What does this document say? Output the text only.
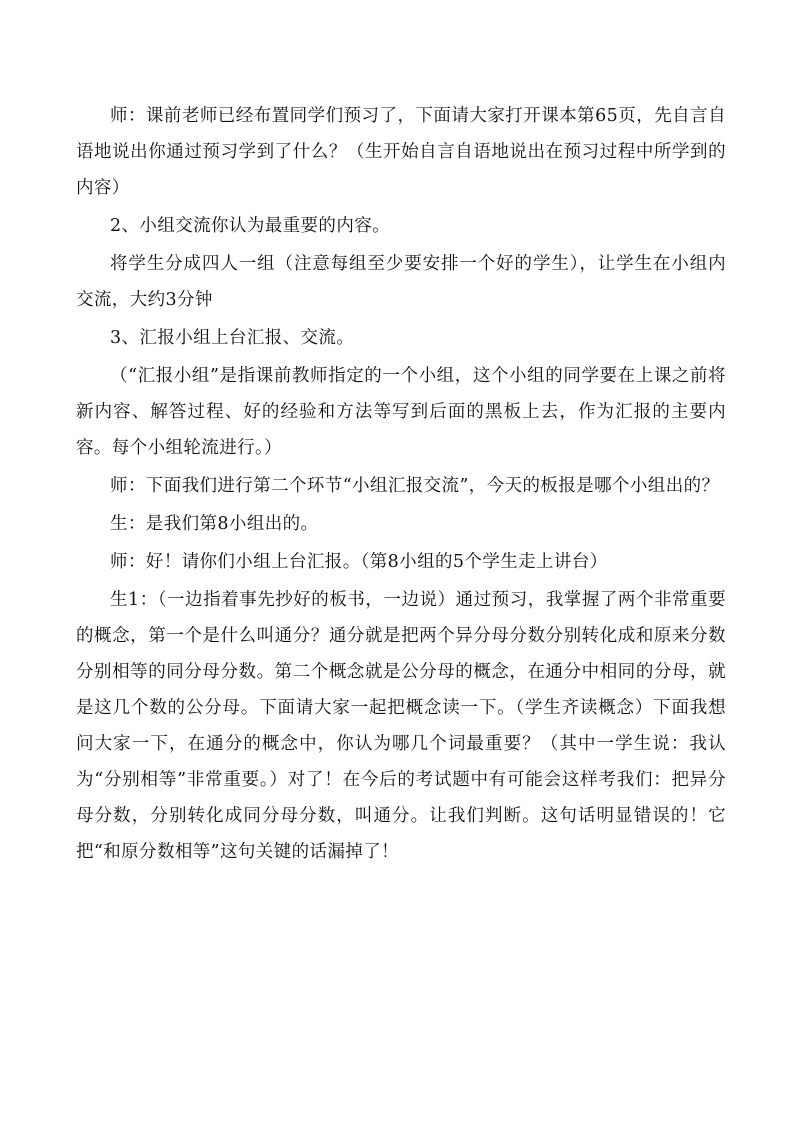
师：课前老师已经布置同学们预习了，下面请大家打开课本第65页，先自言自语地说出你通过预习学到了什么？（生开始自言自语地说出在预习过程中所学到的内容）

2、小组交流你认为最重要的内容。

将学生分成四人一组（注意每组至少要安排一个好的学生），让学生在小组内交流，大约3分钟

3、汇报小组上台汇报、交流。

（“汇报小组”是指课前教师指定的一个小组，这个小组的同学要在上课之前将新内容、解答过程、好的经验和方法等写到后面的黑板上去，作为汇报的主要内容。每个小组轮流进行。）

师：下面我们进行第二个环节“小组汇报交流”，今天的板报是哪个小组出的？

生：是我们第8小组出的。

师：好！请你们小组上台汇报。（第8小组的5个学生走上讲台）

生1：（一边指着事先抄好的板书，一边说）通过预习，我掌握了两个非常重要的概念，第一个是什么叫通分？通分就是把两个异分母分数分别转化成和原来分数分别相等的同分母分数。第二个概念就是公分母的概念，在通分中相同的分母，就是这几个数的公分母。下面请大家一起把概念读一下。（学生齐读概念）下面我想问大家一下，在通分的概念中，你认为哪几个词最重要？（其中一学生说：我认为“分别相等”非常重要。）对了！在今后的考试题中有可能会这样考我们：把异分母分数，分别转化成同分母分数，叫通分。让我们判断。这句话明显错误的！它把“和原分数相等”这句关键的话漏掉了！
